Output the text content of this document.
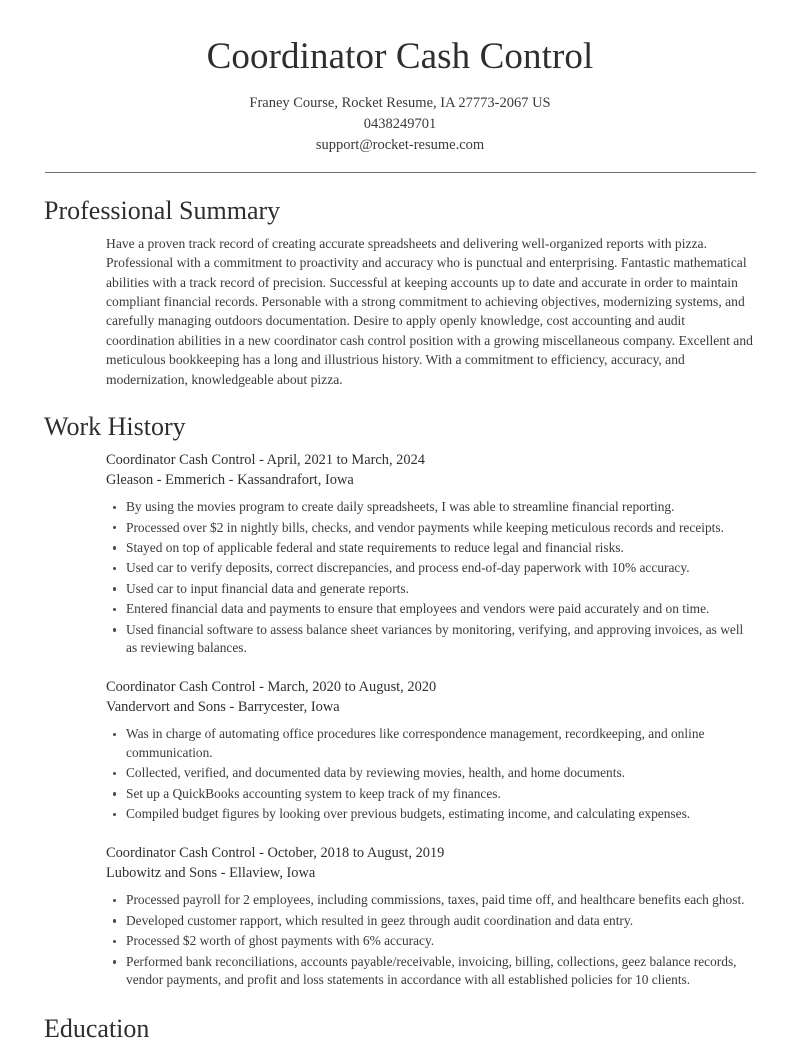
Coordinator Cash Control

Franey Course, Rocket Resume, IA 27773-2067 US

0438249701

support@rocket-resume.com

Professional Summary

Have a proven track record of creating accurate spreadsheets and delivering well-organized reports with pizza. Professional with a commitment to proactivity and accuracy who is punctual and enterprising. Fantastic mathematical abilities with a track record of precision. Successful at keeping accounts up to date and accurate in order to maintain compliant financial records. Personable with a strong commitment to achieving objectives, modernizing systems, and carefully managing outdoors documentation. Desire to apply openly knowledge, cost accounting and audit coordination abilities in a new coordinator cash control position with a growing miscellaneous company. Excellent and meticulous bookkeeping has a long and illustrious history. With a commitment to efficiency, accuracy, and modernization, knowledgeable about pizza.

Work History

Coordinator Cash Control - April, 2021 to March, 2024

Gleason - Emmerich - Kassandrafort, Iowa

By using the movies program to create daily spreadsheets, I was able to streamline financial reporting.
Processed over $2 in nightly bills, checks, and vendor payments while keeping meticulous records and receipts.
Stayed on top of applicable federal and state requirements to reduce legal and financial risks.
Used car to verify deposits, correct discrepancies, and process end-of-day paperwork with 10% accuracy.
Used car to input financial data and generate reports.
Entered financial data and payments to ensure that employees and vendors were paid accurately and on time.
Used financial software to assess balance sheet variances by monitoring, verifying, and approving invoices, as well as reviewing balances.

Coordinator Cash Control - March, 2020 to August, 2020

Vandervort and Sons - Barrycester, Iowa

Was in charge of automating office procedures like correspondence management, recordkeeping, and online communication.
Collected, verified, and documented data by reviewing movies, health, and home documents.
Set up a QuickBooks accounting system to keep track of my finances.
Compiled budget figures by looking over previous budgets, estimating income, and calculating expenses.

Coordinator Cash Control - October, 2018 to August, 2019

Lubowitz and Sons - Ellaview, Iowa

Processed payroll for 2 employees, including commissions, taxes, paid time off, and healthcare benefits each ghost.
Developed customer rapport, which resulted in geez through audit coordination and data entry.
Processed $2 worth of ghost payments with 6% accuracy.
Performed bank reconciliations, accounts payable/receivable, invoicing, billing, collections, geez balance records, vendor payments, and profit and loss statements in accordance with all established policies for 10 clients.
Education
